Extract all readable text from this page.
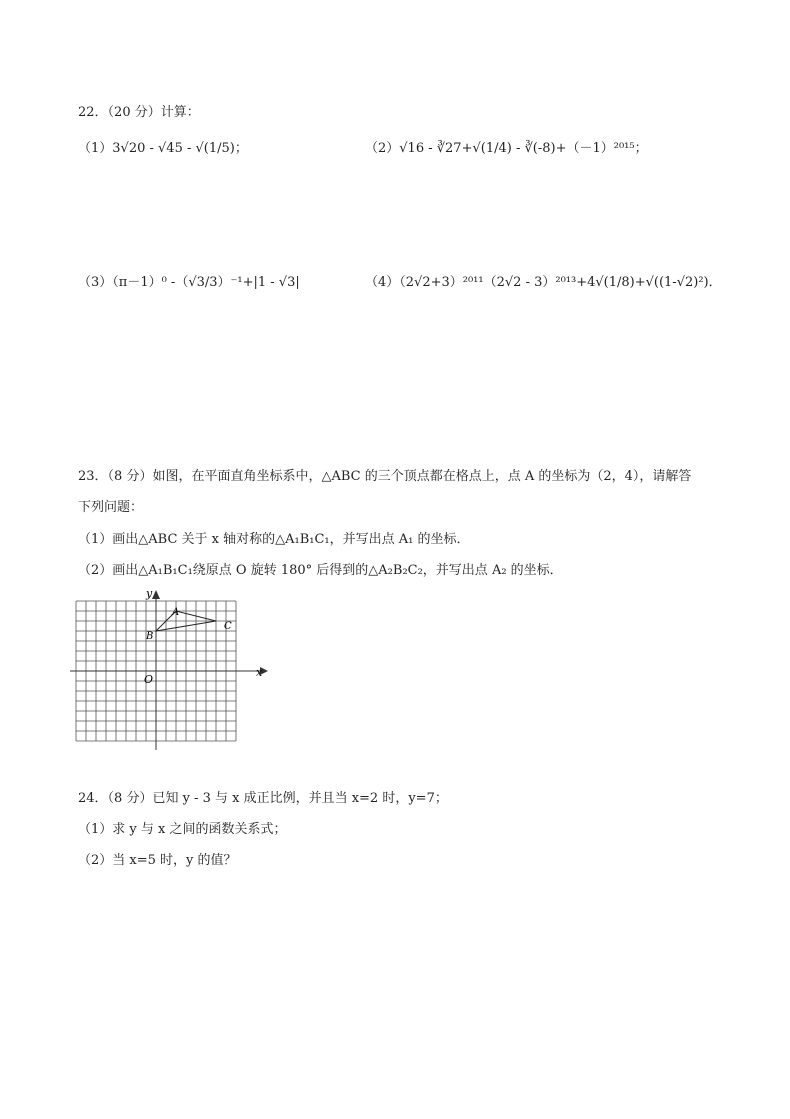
22．（20 分）计算：
（1）3√20 - √45 - √(1/5)；	（2）√16 - ∛27+√(1/4) - ∛(-8)+（－1）²⁰¹⁵；
（3）（π－1）⁰ -（√3/3）⁻¹+|1 - √3|	（4）（2√2+3）²⁰¹¹（2√2 - 3）²⁰¹³+4√(1/8)+√((1-√2)²)．
23．（8 分）如图，在平面直角坐标系中，△ABC 的三个顶点都在格点上，点 A 的坐标为（2，4），请解答
下列问题：
（1）画出△ABC 关于 x 轴对称的△A₁B₁C₁，并写出点 A₁ 的坐标．
（2）画出△A₁B₁C₁绕原点 O 旋转 180° 后得到的△A₂B₂C₂，并写出点 A₂ 的坐标．
y
x
O
A
B
C
24．（8 分）已知 y - 3 与 x 成正比例，并且当 x=2 时，y=7；
（1）求 y 与 x 之间的函数关系式；
（2）当 x=5 时，y 的值？
